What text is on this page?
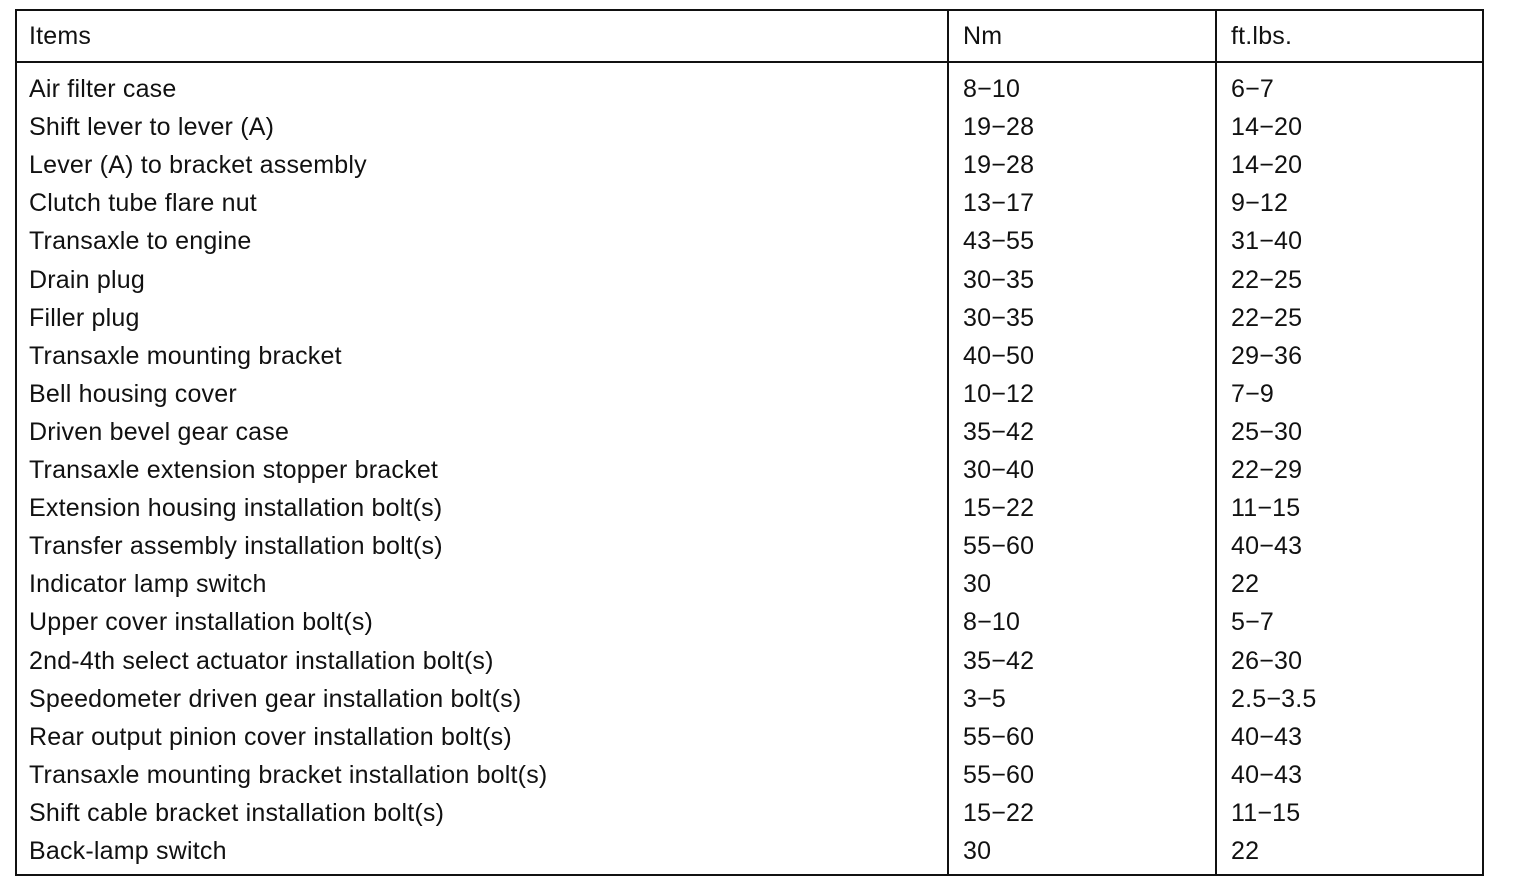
Items	Nm	ft.lbs.
Air filter case	8−10	6−7
Shift lever to lever (A)	19−28	14−20
Lever (A) to bracket assembly	19−28	14−20
Clutch tube flare nut	13−17	9−12
Transaxle to engine	43−55	31−40
Drain plug	30−35	22−25
Filler plug	30−35	22−25
Transaxle mounting bracket	40−50	29−36
Bell housing cover	10−12	7−9
Driven bevel gear case	35−42	25−30
Transaxle extension stopper bracket	30−40	22−29
Extension housing installation bolt(s)	15−22	11−15
Transfer assembly installation bolt(s)	55−60	40−43
Indicator lamp switch	30	22
Upper cover installation bolt(s)	8−10	5−7
2nd-4th select actuator installation bolt(s)	35−42	26−30
Speedometer driven gear installation bolt(s)	3−5	2.5−3.5
Rear output pinion cover installation bolt(s)	55−60	40−43
Transaxle mounting bracket installation bolt(s)	55−60	40−43
Shift cable bracket installation bolt(s)	15−22	11−15
Back-lamp switch	30	22
